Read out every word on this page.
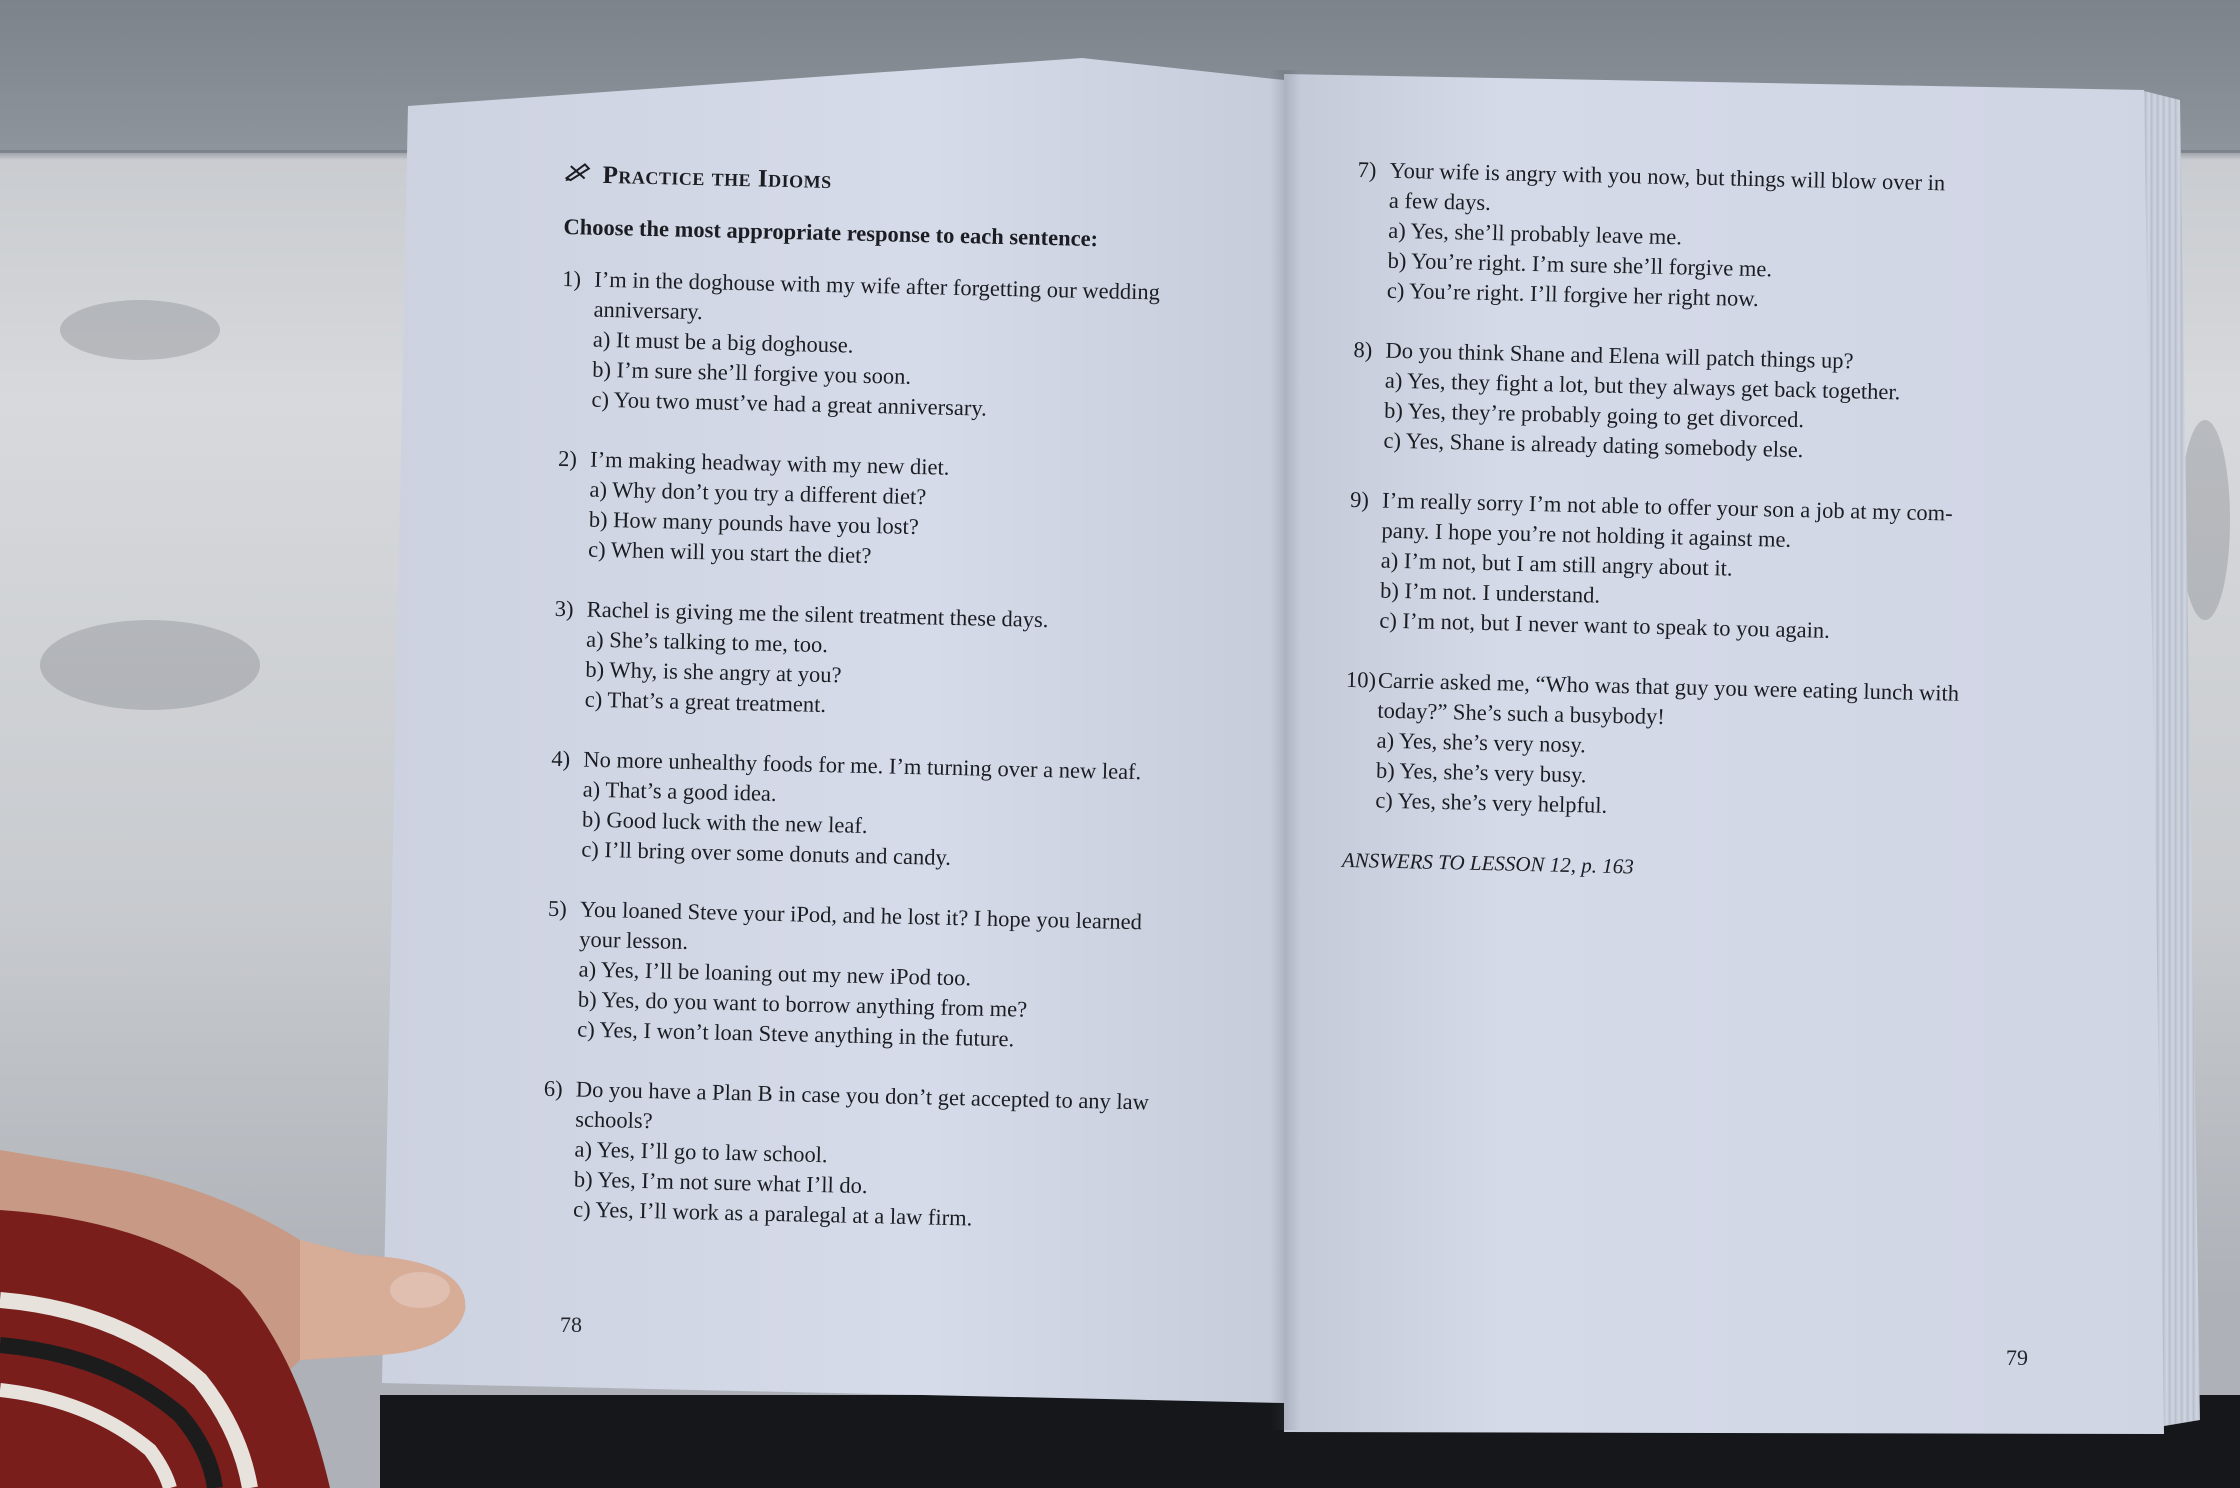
Practice the Idioms
Choose the most appropriate response to each sentence:
1) I’m in the doghouse with my wife after forgetting our wedding
anniversary.
a) It must be a big doghouse.
b) I’m sure she’ll forgive you soon.
c) You two must’ve had a great anniversary.
2) I’m making headway with my new diet.
a) Why don’t you try a different diet?
b) How many pounds have you lost?
c) When will you start the diet?
3) Rachel is giving me the silent treatment these days.
a) She’s talking to me, too.
b) Why, is she angry at you?
c) That’s a great treatment.
4) No more unhealthy foods for me. I’m turning over a new leaf.
a) That’s a good idea.
b) Good luck with the new leaf.
c) I’ll bring over some donuts and candy.
5) You loaned Steve your iPod, and he lost it? I hope you learned
your lesson.
a) Yes, I’ll be loaning out my new iPod too.
b) Yes, do you want to borrow anything from me?
c) Yes, I won’t loan Steve anything in the future.
6) Do you have a Plan B in case you don’t get accepted to any law
schools?
a) Yes, I’ll go to law school.
b) Yes, I’m not sure what I’ll do.
c) Yes, I’ll work as a paralegal at a law firm.
78
7) Your wife is angry with you now, but things will blow over in
a few days.
a) Yes, she’ll probably leave me.
b) You’re right. I’m sure she’ll forgive me.
c) You’re right. I’ll forgive her right now.
8) Do you think Shane and Elena will patch things up?
a) Yes, they fight a lot, but they always get back together.
b) Yes, they’re probably going to get divorced.
c) Yes, Shane is already dating somebody else.
9) I’m really sorry I’m not able to offer your son a job at my com-
pany. I hope you’re not holding it against me.
a) I’m not, but I am still angry about it.
b) I’m not. I understand.
c) I’m not, but I never want to speak to you again.
10) Carrie asked me, “Who was that guy you were eating lunch with
today?” She’s such a busybody!
a) Yes, she’s very nosy.
b) Yes, she’s very busy.
c) Yes, she’s very helpful.
ANSWERS TO LESSON 12, p. 163
79
